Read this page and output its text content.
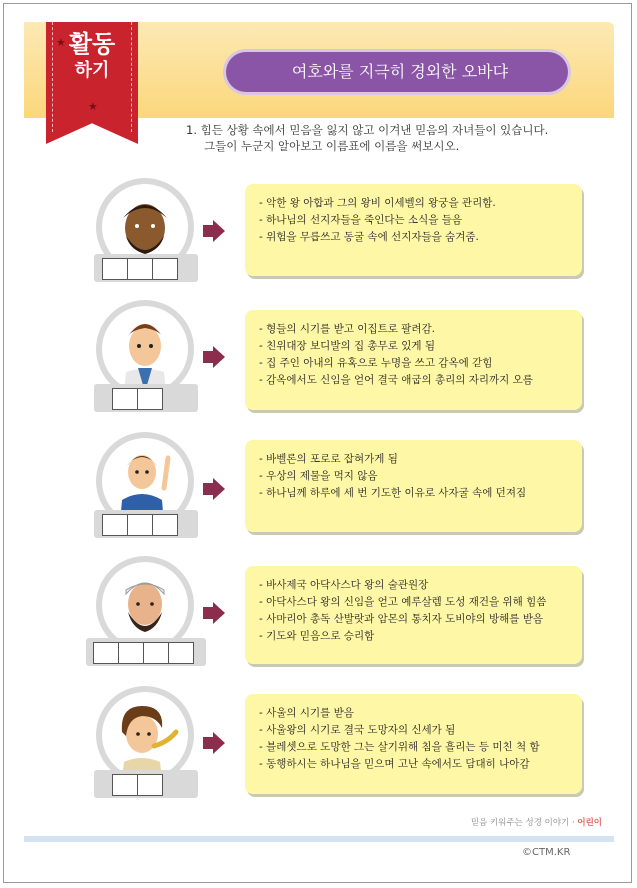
활동
하기
★
★
여호와를 지극히 경외한 오바댜
1. 힘든 상황 속에서 믿음을 잃지 않고 이겨낸 믿음의 자녀들이 있습니다.
그들이 누군지 알아보고 이름표에 이름을 써보시오.
- 악한 왕 아합과 그의 왕비 이세벨의 왕궁을 관리함.
- 하나님의 선지자들을 죽인다는 소식을 들음
- 위험을 무릅쓰고 동굴 속에 선지자들을 숨겨줌.
- 형들의 시기를 받고 이집트로 팔려감.
- 친위대장 보디발의 집 총무로 있게 됨
- 집 주인 아내의 유혹으로 누명을 쓰고 감옥에 갇힘
- 감옥에서도 신임을 얻어 결국 애굽의 총리의 자리까지 오름
- 바벨론의 포로로 잡혀가게 됨
- 우상의 제물을 먹지 않음
- 하나님께 하루에 세 번 기도한 이유로 사자굴 속에 던져짐
- 바사제국 아닥사스다 왕의 술관원장
- 아닥사스다 왕의 신임을 얻고 예루살렘 도성 재건을 위해 힘씀
- 사마리아 총독 산발랏과 암몬의 통치자 도비야의 방해를 받음
- 기도와 믿음으로 승리함
- 사울의 시기를 받음
- 사울왕의 시기로 결국 도망자의 신세가 됨
- 블레셋으로 도망한 그는 살기위해 침을 흘리는 등 미친 척 함
- 동행하시는 하나님을 믿으며 고난 속에서도 담대히 나아감
믿음 키워주는 성경 이야기 · 어린이
©CTM.KR
